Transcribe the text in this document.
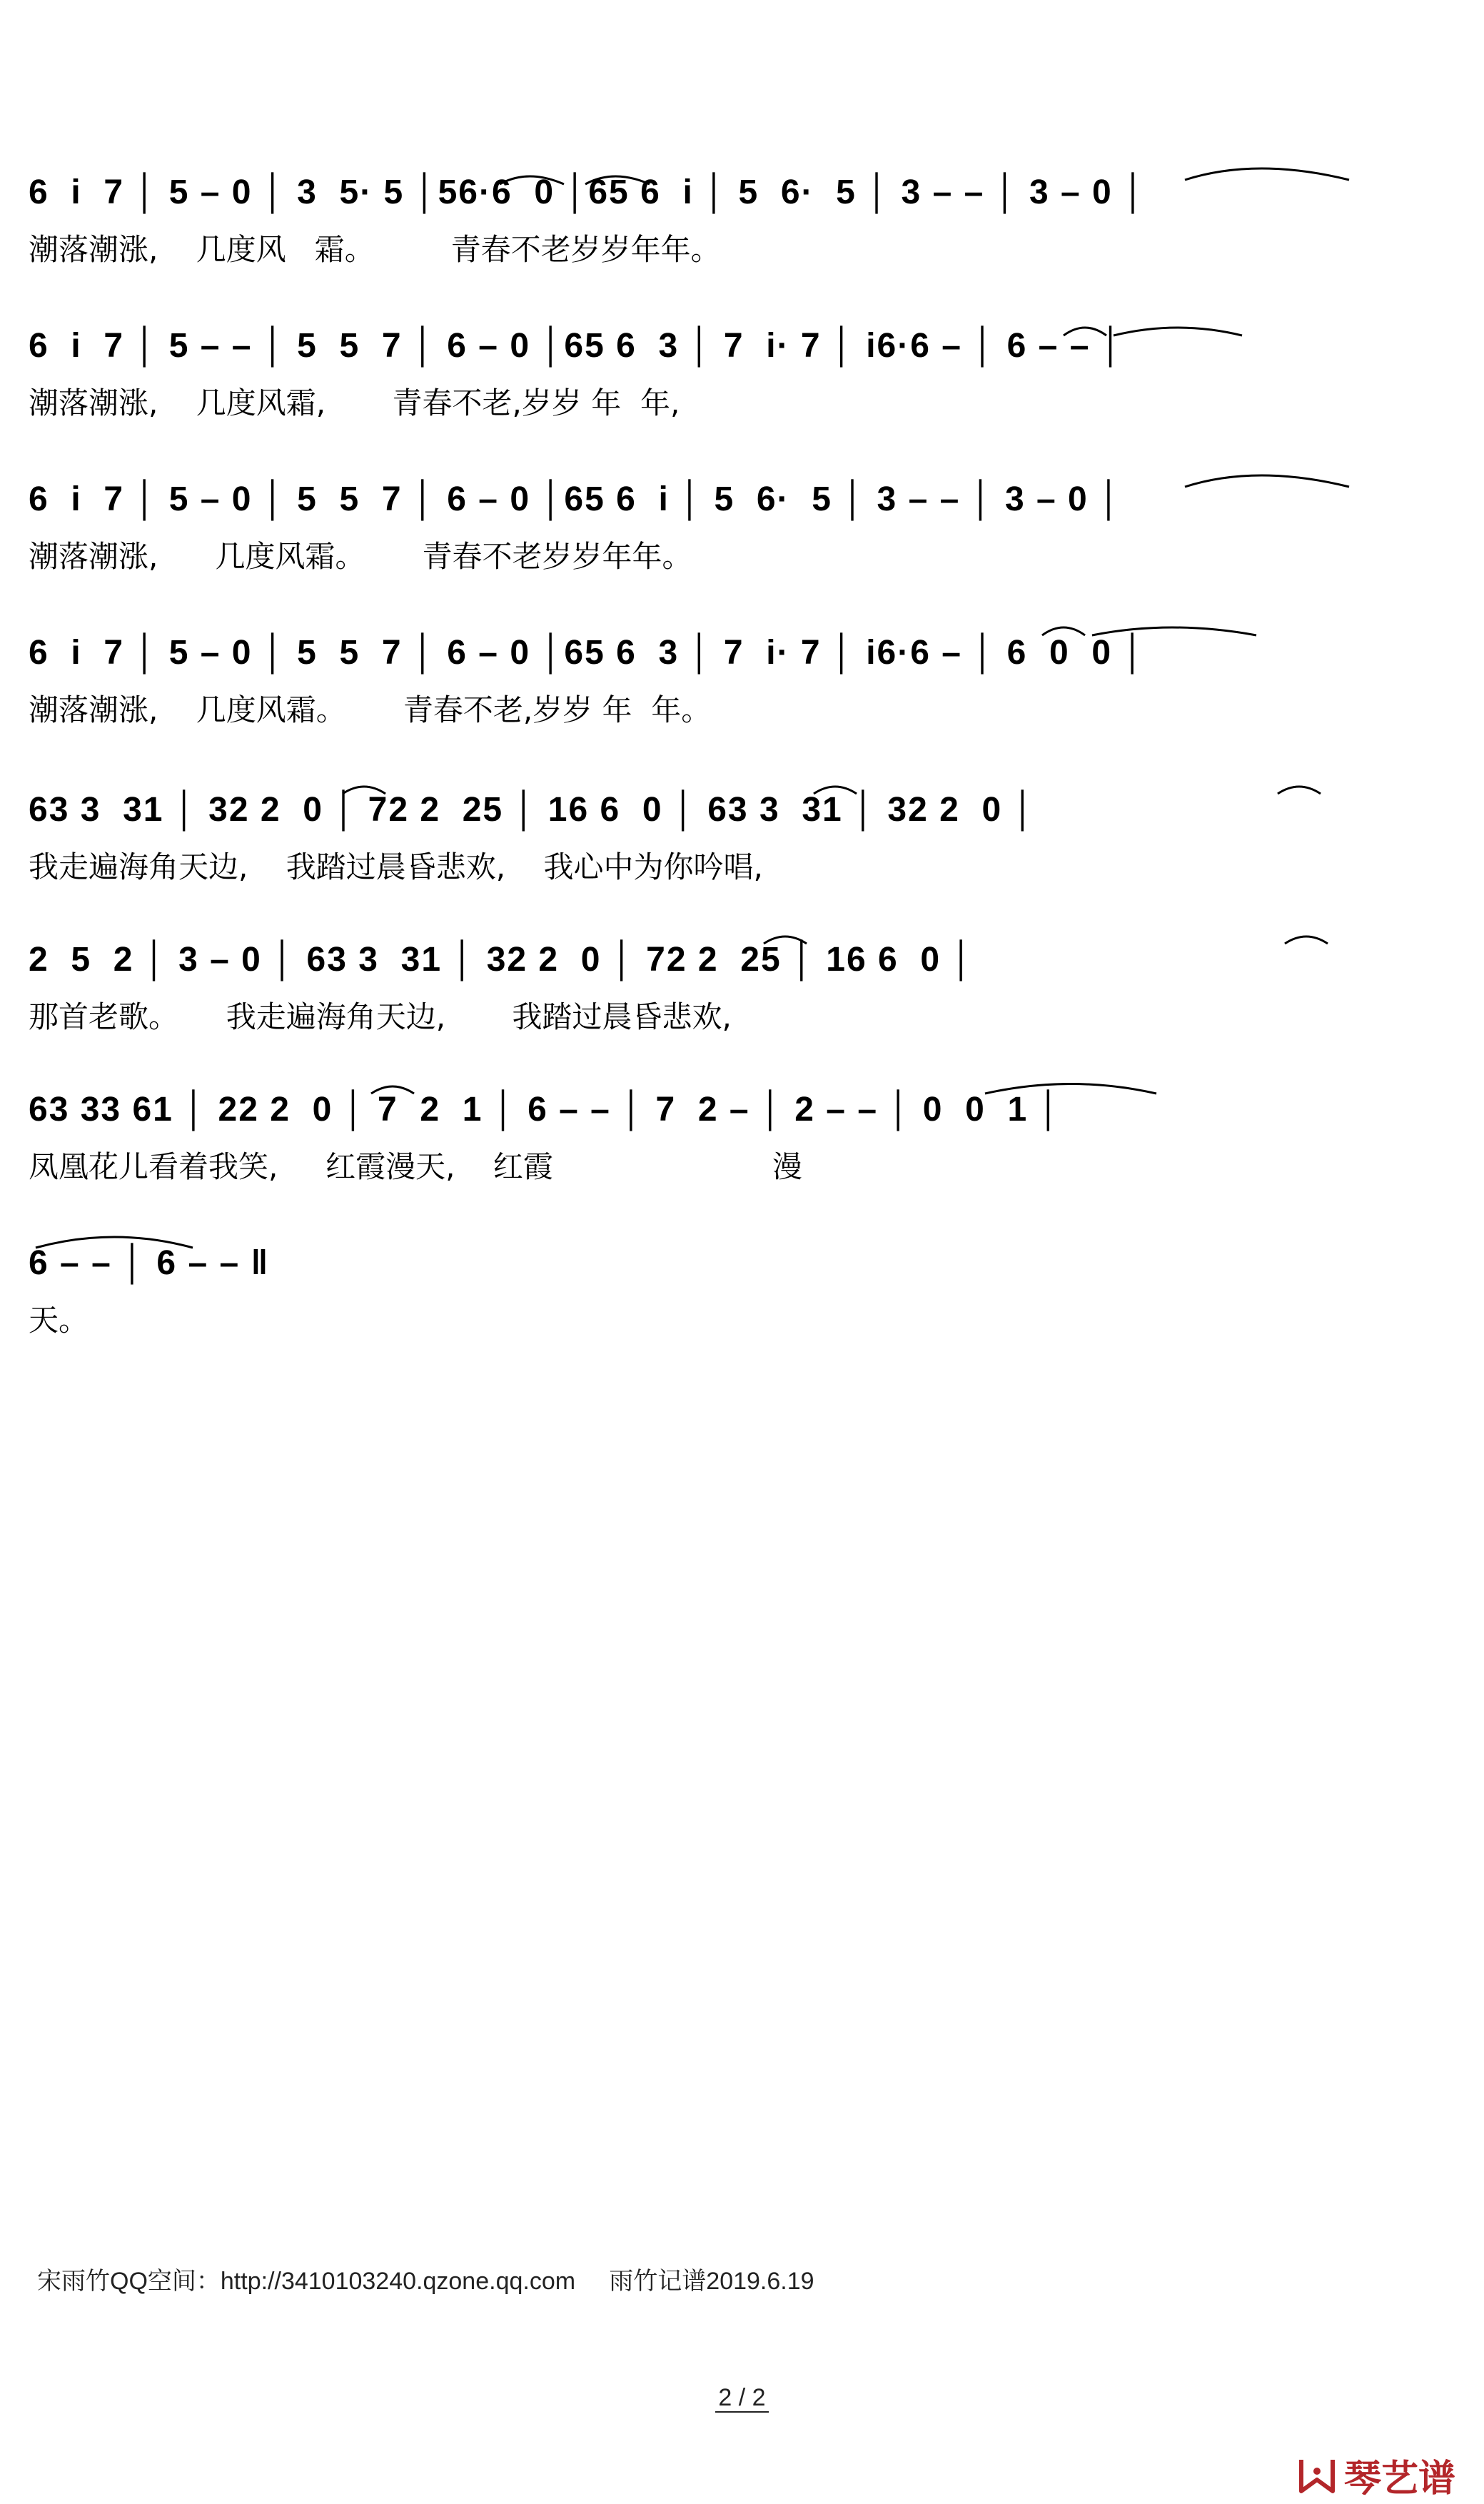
6  i  7 │ 5 – 0 │ 3  5· 5 │56·6  0 │65 6  i │ 5  6·  5 │ 3 – – │ 3 – 0 │
潮落潮涨,    几度风   霜。        青春不老岁岁年年。
6  i  7 │ 5 – – │ 5  5  7 │ 6 – 0 │65 6  3 │ 7  i· 7 │ i6·6 – │ 6 – – │
潮落潮涨,    几度风霜,       青春不老,岁岁 年  年,
6  i  7 │ 5 – 0 │ 5  5  7 │ 6 – 0 │65 6  i │ 5  6·  5 │ 3 – – │ 3 – 0 │
潮落潮涨,      几度风霜。      青春不老岁岁年年。
6  i  7 │ 5 – 0 │ 5  5  7 │ 6 – 0 │65 6  3 │ 7  i· 7 │ i6·6 – │ 6  0  0 │
潮落潮涨,    几度风霜。      青春不老,岁岁 年  年。
63 3  31 │ 32 2  0 │ 72 2  25 │ 16 6  0 │ 63 3  31 │ 32 2  0 │
我走遍海角天边,    我踏过晨昏悲欢,    我心中为你吟唱,
2  5  2 │ 3 – 0 │ 63 3  31 │ 32 2  0 │ 72 2  25 │ 16 6  0 │
那首老歌。     我走遍海角天边,       我踏过晨昏悲欢,
63 33 61 │ 22 2  0 │ 7  2  1 │ 6 – – │ 7  2 – │ 2 – – │ 0  0  1 │
凤凰花儿看着我笑,     红霞漫天,    红霞                       漫
6 – – │ 6 – – ‖
天。
宋雨竹QQ空间：http://3410103240.qzone.qq.com     雨竹记谱2019.6.19
2 / 2
琴艺谱
